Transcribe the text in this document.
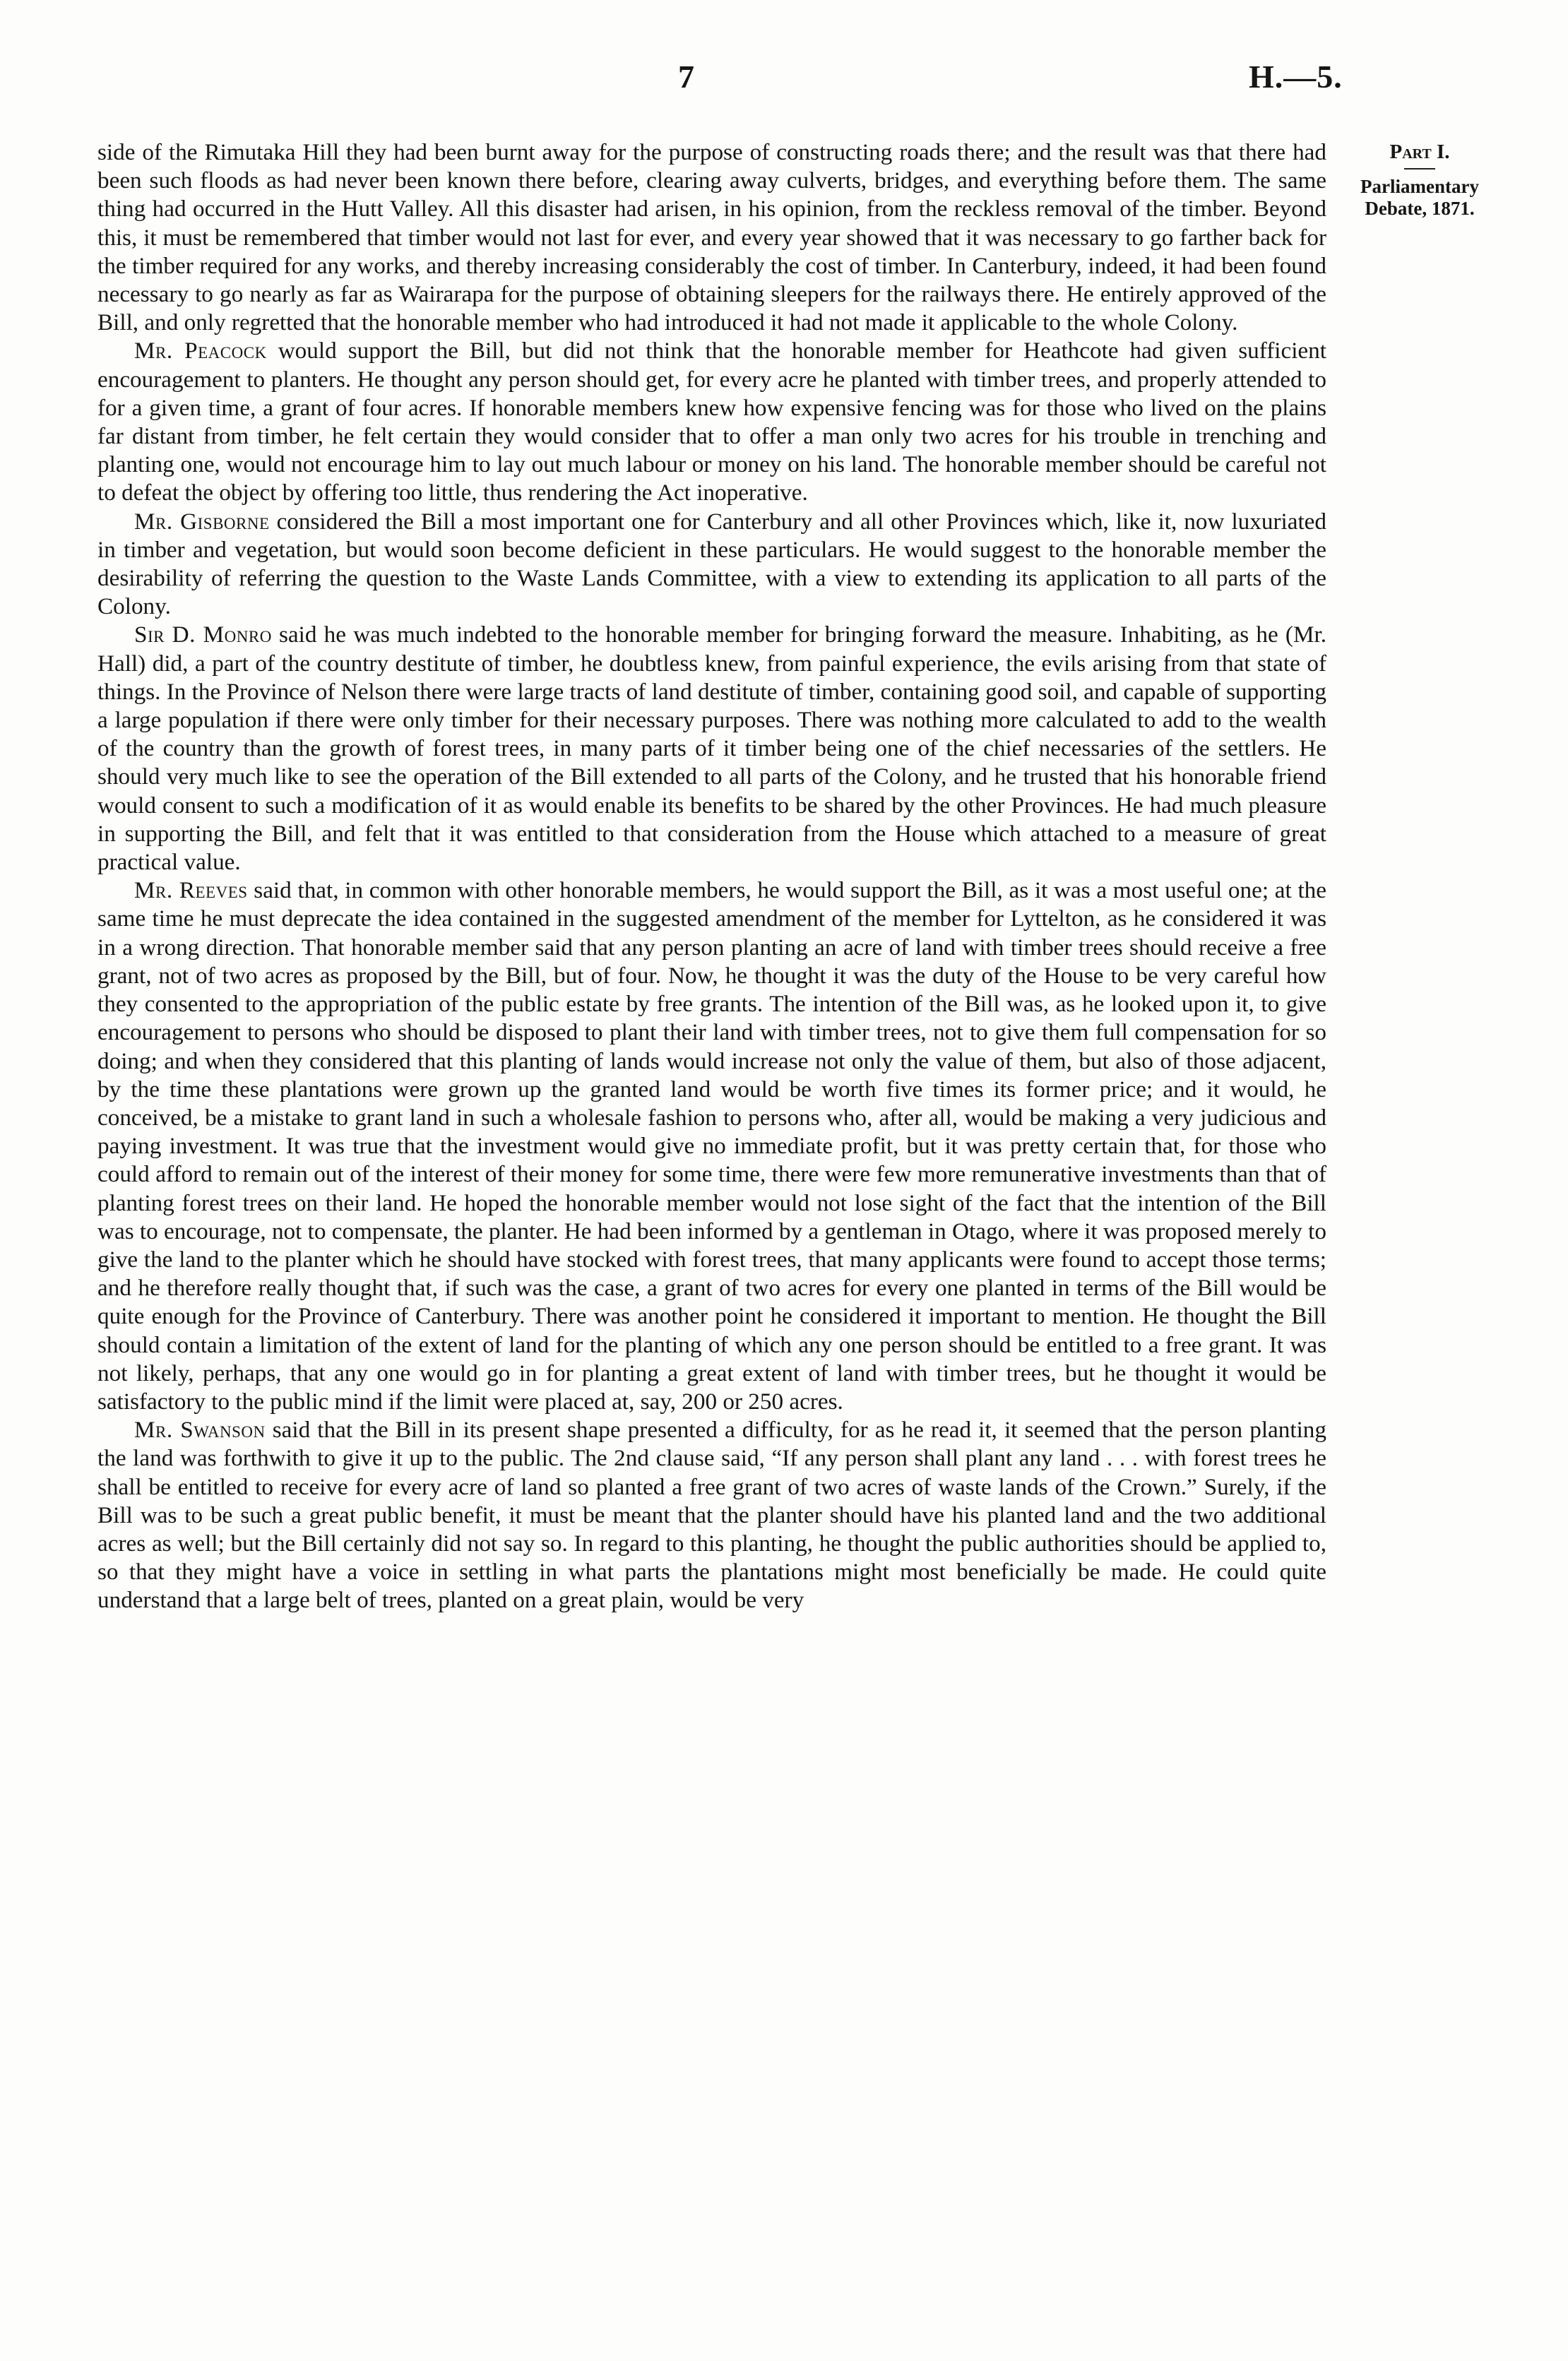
7	H.—5.
Part I.
Parliamentary Debate, 1871.

side of the Rimutaka Hill they had been burnt away for the purpose of constructing roads there; and the result was that there had been such floods as had never been known there before, clearing away culverts, bridges, and everything before them. The same thing had occurred in the Hutt Valley. All this disaster had arisen, in his opinion, from the reckless removal of the timber. Beyond this, it must be remembered that timber would not last for ever, and every year showed that it was necessary to go farther back for the timber required for any works, and thereby increasing considerably the cost of timber. In Canterbury, indeed, it had been found necessary to go nearly as far as Wairarapa for the purpose of obtaining sleepers for the railways there. He entirely approved of the Bill, and only regretted that the honorable member who had introduced it had not made it applicable to the whole Colony.

Mr. Peacock would support the Bill, but did not think that the honorable member for Heathcote had given sufficient encouragement to planters. He thought any person should get, for every acre he planted with timber trees, and properly attended to for a given time, a grant of four acres. If honorable members knew how expensive fencing was for those who lived on the plains far distant from timber, he felt certain they would consider that to offer a man only two acres for his trouble in trenching and planting one, would not encourage him to lay out much labour or money on his land. The honorable member should be careful not to defeat the object by offering too little, thus rendering the Act inoperative.

Mr. Gisborne considered the Bill a most important one for Canterbury and all other Provinces which, like it, now luxuriated in timber and vegetation, but would soon become deficient in these particulars. He would suggest to the honorable member the desirability of referring the question to the Waste Lands Committee, with a view to extending its application to all parts of the Colony.

Sir D. Monro said he was much indebted to the honorable member for bringing forward the measure. Inhabiting, as he (Mr. Hall) did, a part of the country destitute of timber, he doubtless knew, from painful experience, the evils arising from that state of things. In the Province of Nelson there were large tracts of land destitute of timber, containing good soil, and capable of supporting a large population if there were only timber for their necessary purposes. There was nothing more calculated to add to the wealth of the country than the growth of forest trees, in many parts of it timber being one of the chief necessaries of the settlers. He should very much like to see the operation of the Bill extended to all parts of the Colony, and he trusted that his honorable friend would consent to such a modification of it as would enable its benefits to be shared by the other Provinces. He had much pleasure in supporting the Bill, and felt that it was entitled to that consideration from the House which attached to a measure of great practical value.

Mr. Reeves said that, in common with other honorable members, he would support the Bill, as it was a most useful one; at the same time he must deprecate the idea contained in the suggested amendment of the member for Lyttelton, as he considered it was in a wrong direction. That honorable member said that any person planting an acre of land with timber trees should receive a free grant, not of two acres as proposed by the Bill, but of four. Now, he thought it was the duty of the House to be very careful how they consented to the appropriation of the public estate by free grants. The intention of the Bill was, as he looked upon it, to give encouragement to persons who should be disposed to plant their land with timber trees, not to give them full compensation for so doing; and when they considered that this planting of lands would increase not only the value of them, but also of those adjacent, by the time these plantations were grown up the granted land would be worth five times its former price; and it would, he conceived, be a mistake to grant land in such a wholesale fashion to persons who, after all, would be making a very judicious and paying investment. It was true that the investment would give no immediate profit, but it was pretty certain that, for those who could afford to remain out of the interest of their money for some time, there were few more remunerative investments than that of planting forest trees on their land. He hoped the honorable member would not lose sight of the fact that the intention of the Bill was to encourage, not to compensate, the planter. He had been informed by a gentleman in Otago, where it was proposed merely to give the land to the planter which he should have stocked with forest trees, that many applicants were found to accept those terms; and he therefore really thought that, if such was the case, a grant of two acres for every one planted in terms of the Bill would be quite enough for the Province of Canterbury. There was another point he considered it important to mention. He thought the Bill should contain a limitation of the extent of land for the planting of which any one person should be entitled to a free grant. It was not likely, perhaps, that any one would go in for planting a great extent of land with timber trees, but he thought it would be satisfactory to the public mind if the limit were placed at, say, 200 or 250 acres.

Mr. Swanson said that the Bill in its present shape presented a difficulty, for as he read it, it seemed that the person planting the land was forthwith to give it up to the public. The 2nd clause said, “If any person shall plant any land . . . with forest trees he shall be entitled to receive for every acre of land so planted a free grant of two acres of waste lands of the Crown.” Surely, if the Bill was to be such a great public benefit, it must be meant that the planter should have his planted land and the two additional acres as well; but the Bill certainly did not say so. In regard to this planting, he thought the public authorities should be applied to, so that they might have a voice in settling in what parts the plantations might most beneficially be made. He could quite understand that a large belt of trees, planted on a great plain, would be very
